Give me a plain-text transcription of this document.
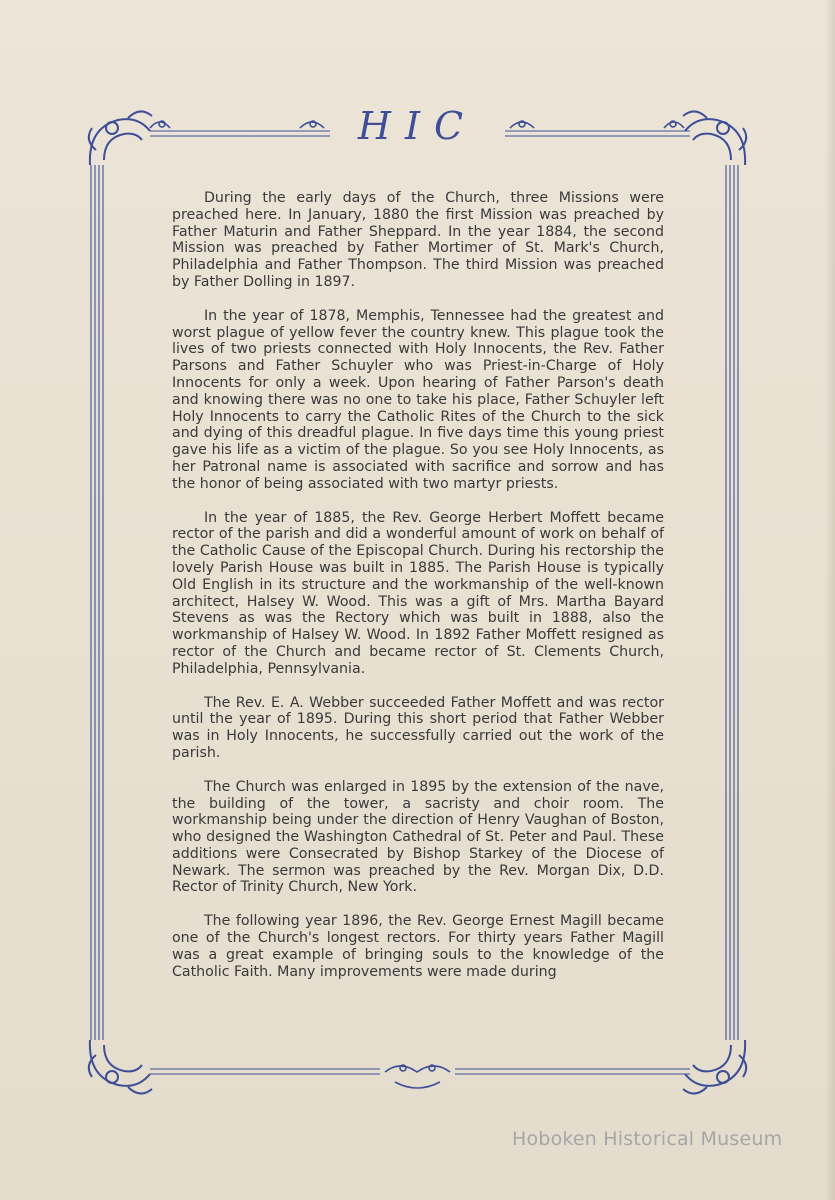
HIC

During the early days of the Church, three Missions were preached here. In January, 1880 the first Mission was preached by Father Maturin and Father Sheppard. In the year 1884, the second Mission was preached by Father Mortimer of St. Mark's Church, Philadelphia and Father Thompson. The third Mission was preached by Father Dolling in 1897.

In the year of 1878, Memphis, Tennessee had the greatest and worst plague of yellow fever the country knew. This plague took the lives of two priests connected with Holy Innocents, the Rev. Father Parsons and Father Schuyler who was Priest-in-Charge of Holy Innocents for only a week. Upon hearing of Father Parson's death and knowing there was no one to take his place, Father Schuyler left Holy Innocents to carry the Catholic Rites of the Church to the sick and dying of this dreadful plague. In five days time this young priest gave his life as a victim of the plague. So you see Holy Innocents, as her Patronal name is associated with sacrifice and sorrow and has the honor of being associated with two martyr priests.

In the year of 1885, the Rev. George Herbert Moffett became rector of the parish and did a wonderful amount of work on behalf of the Catholic Cause of the Episcopal Church. During his rectorship the lovely Parish House was built in 1885. The Parish House is typically Old English in its structure and the workmanship of the well-known architect, Halsey W. Wood. This was a gift of Mrs. Martha Bayard Stevens as was the Rectory which was built in 1888, also the workmanship of Halsey W. Wood. In 1892 Father Moffett resigned as rector of the Church and became rector of St. Clements Church, Philadelphia, Pennsylvania.

The Rev. E. A. Webber succeeded Father Moffett and was rector until the year of 1895. During this short period that Father Webber was in Holy Innocents, he successfully carried out the work of the parish.

The Church was enlarged in 1895 by the extension of the nave, the building of the tower, a sacristy and choir room. The workmanship being under the direction of Henry Vaughan of Boston, who designed the Washington Cathedral of St. Peter and Paul. These additions were Consecrated by Bishop Starkey of the Diocese of Newark. The sermon was preached by the Rev. Morgan Dix, D.D. Rector of Trinity Church, New York.

The following year 1896, the Rev. George Ernest Magill became one of the Church's longest rectors. For thirty years Father Magill was a great example of bringing souls to the knowledge of the Catholic Faith. Many improvements were made during

Hoboken Historical Museum
